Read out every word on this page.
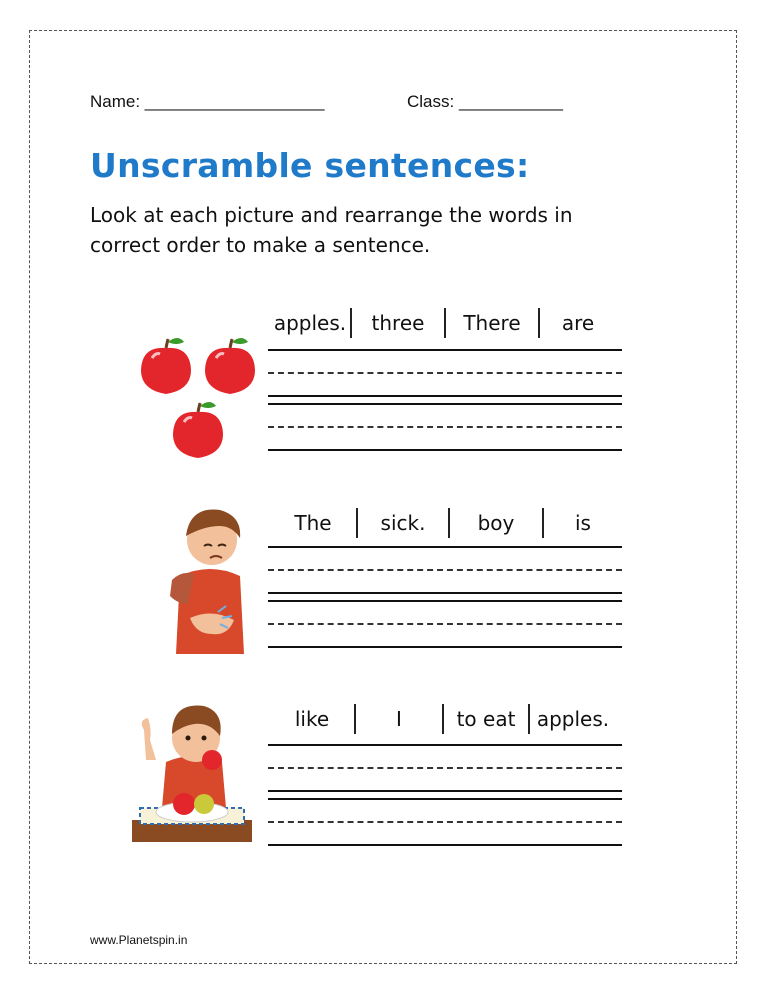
Name: ___________________	Class: ___________
Unscramble sentences:
Look at each picture and rearrange the words in correct order to make a sentence.
apples.	three	There	are
The	sick.	boy	is
like	I	to eat	apples.
www.Planetspin.in
